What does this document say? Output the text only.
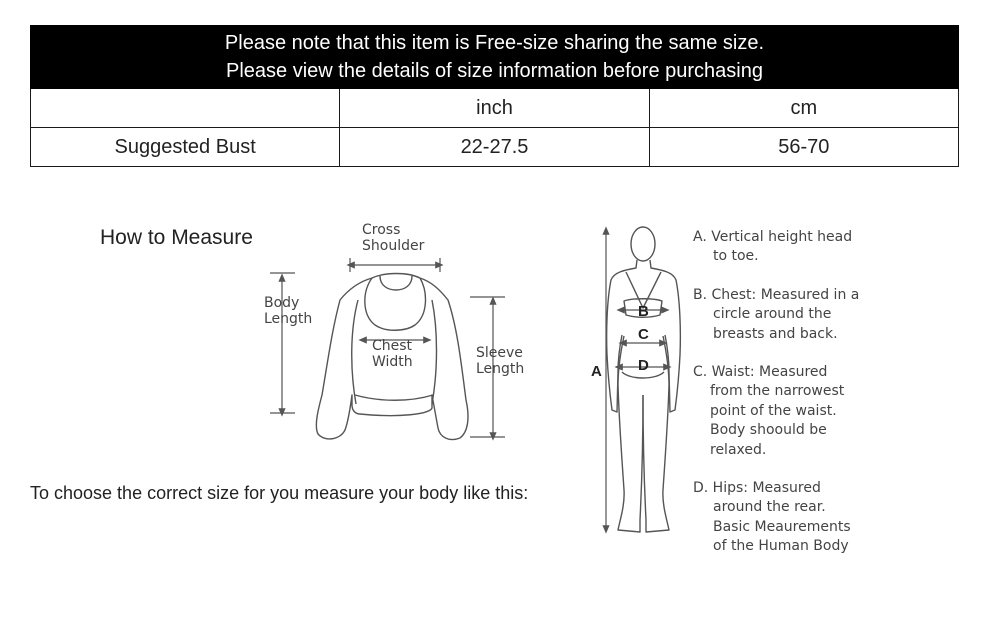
Please note that this item is Free-size sharing the same size.
Please view the details of size information before purchasing		

	inch	cm
Suggested Bust	22-27.5	56-70
How to Measure	Cross
Shoulder
Body
Length
Chest
Width
Sleeve
Length	A
B
C
D
To choose the correct size for you measure your body like this:
A. Vertical height head
to toe.
B. Chest: Measured in a
circle around the
breasts and back.
C. Waist: Measured
from the narrowest
point of the waist.
Body shoould be
relaxed.
D. Hips: Measured
around the rear.
Basic Meaurements
of the Human Body
